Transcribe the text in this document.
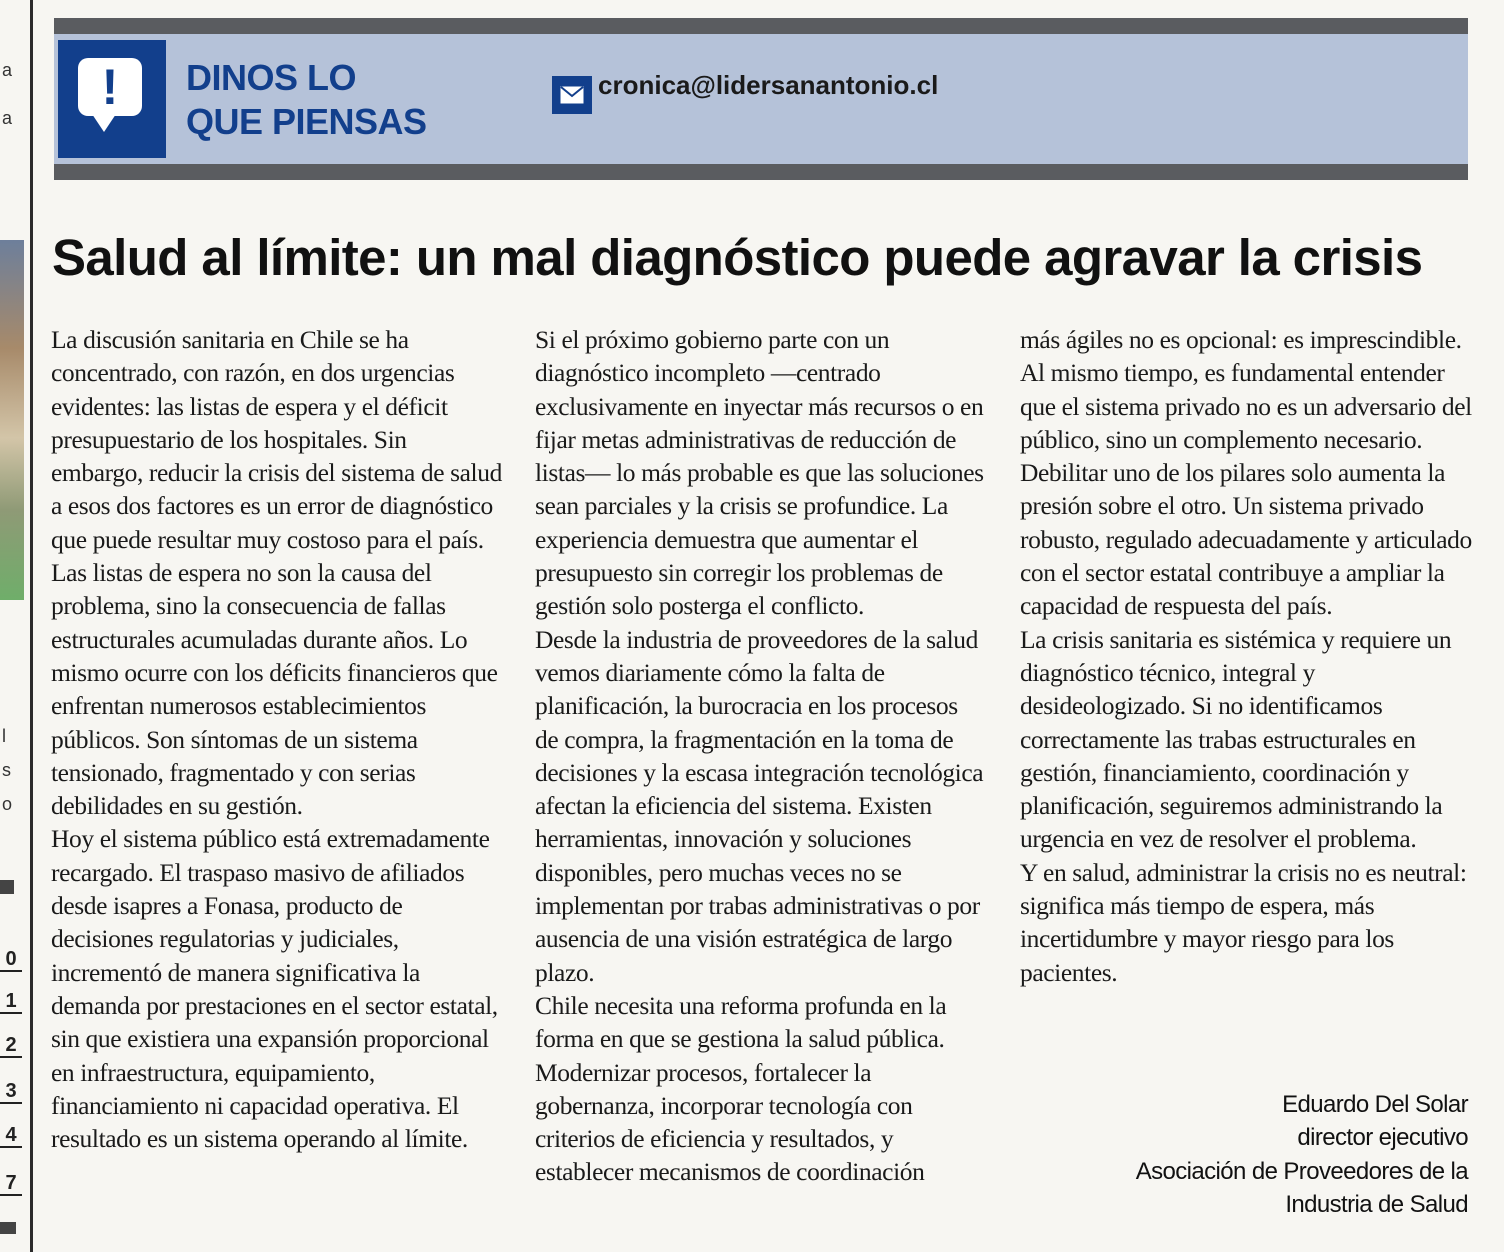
a
a
l
s
o
0
1
2
3
4
7
!	DINOS LO
QUE PIENSAS
cronica@lidersanantonio.cl
Salud al límite: un mal diagnóstico puede agravar la crisis

La discusión sanitaria en Chile se ha concentrado, con razón, en dos urgencias evidentes: las listas de espera y el déficit presupuestario de los hospitales. Sin embargo, reducir la crisis del sistema de salud a esos dos factores es un error de diagnóstico que puede resultar muy costoso para el país.

Las listas de espera no son la causa del problema, sino la consecuencia de fallas estructurales acumuladas durante años. Lo mismo ocurre con los déficits financieros que enfrentan numerosos establecimientos públicos. Son síntomas de un sistema tensionado, fragmentado y con serias debilidades en su gestión.

Hoy el sistema público está extremadamente recargado. El traspaso masivo de afiliados desde isapres a Fonasa, producto de decisiones regulatorias y judiciales, incrementó de manera significativa la demanda por prestaciones en el sector estatal, sin que existiera una expansión proporcional en infraestructura, equipamiento, financiamiento ni capacidad operativa. El resultado es un sistema operando al límite.

Si el próximo gobierno parte con un diagnóstico incompleto —centrado exclusivamente en inyectar más recursos o en fijar metas administrativas de reducción de listas— lo más probable es que las soluciones sean parciales y la crisis se profundice. La experiencia demuestra que aumentar el presupuesto sin corregir los problemas de gestión solo posterga el conflicto.

Desde la industria de proveedores de la salud vemos diariamente cómo la falta de planificación, la burocracia en los procesos de compra, la fragmentación en la toma de decisiones y la escasa integración tecnológica afectan la eficiencia del sistema. Existen herramientas, innovación y soluciones disponibles, pero muchas veces no se implementan por trabas administrativas o por ausencia de una visión estratégica de largo plazo.

Chile necesita una reforma profunda en la forma en que se gestiona la salud pública. Modernizar procesos, fortalecer la gobernanza, incorporar tecnología con criterios de eficiencia y resultados, y establecer mecanismos de coordinación

más ágiles no es opcional: es imprescindible.

Al mismo tiempo, es fundamental entender que el sistema privado no es un adversario del público, sino un complemento necesario. Debilitar uno de los pilares solo aumenta la presión sobre el otro. Un sistema privado robusto, regulado adecuadamente y articulado con el sector estatal contribuye a ampliar la capacidad de respuesta del país.

La crisis sanitaria es sistémica y requiere un diagnóstico técnico, integral y desideologizado. Si no identificamos correctamente las trabas estructurales en gestión, financiamiento, coordinación y planificación, seguiremos administrando la urgencia en vez de resolver el problema.

Y en salud, administrar la crisis no es neutral: significa más tiempo de espera, más incertidumbre y mayor riesgo para los pacientes.

Eduardo Del Solar
director ejecutivo
Asociación de Proveedores de la
Industria de Salud
